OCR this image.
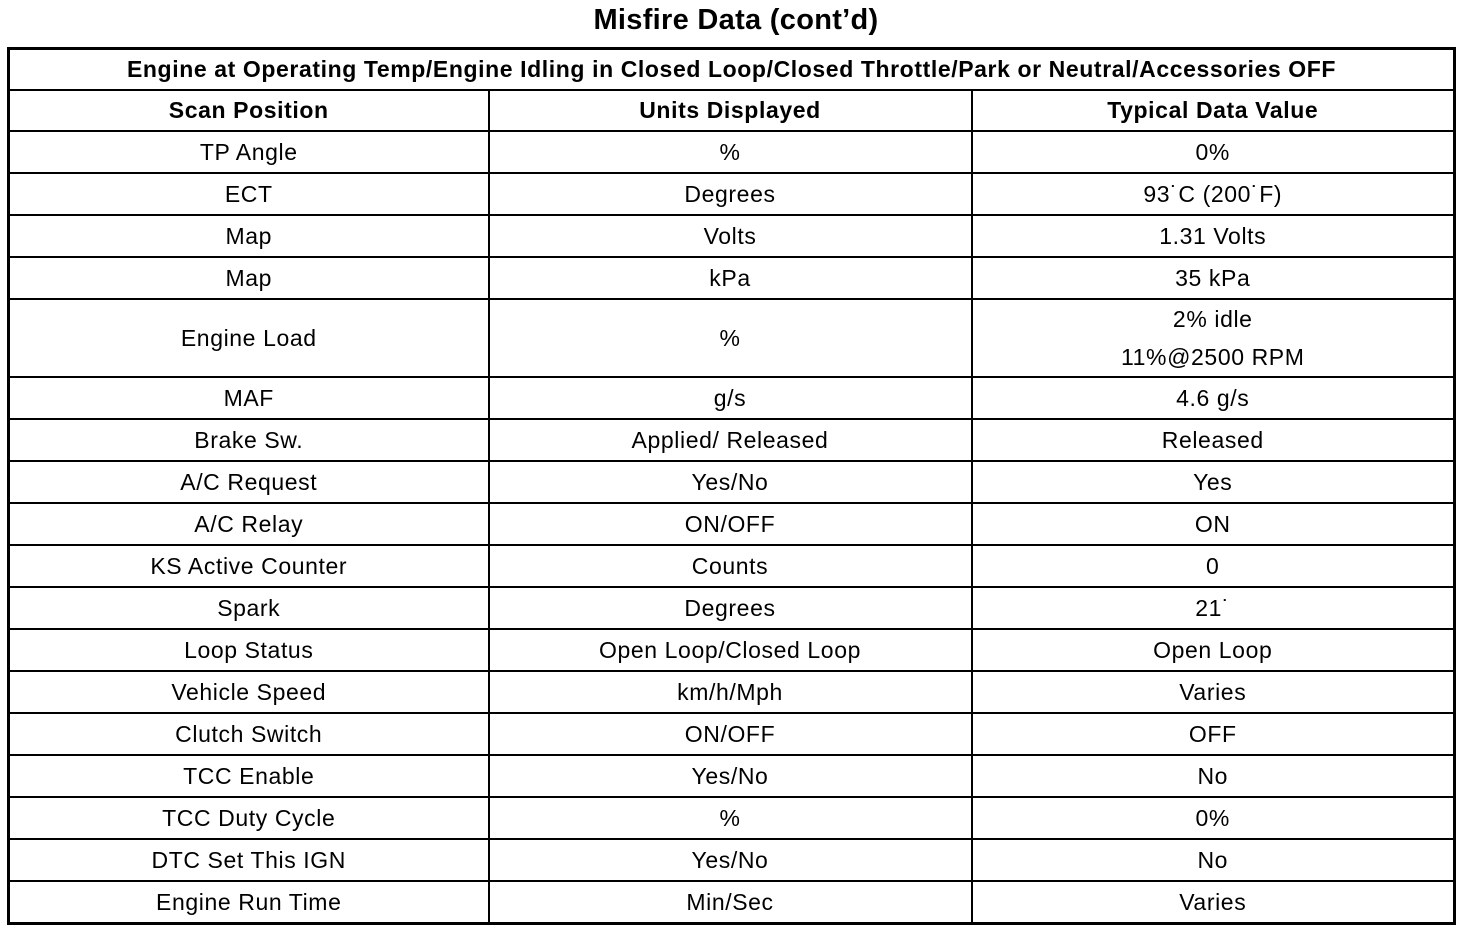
Misfire Data (cont’d)
Engine at Operating Temp/Engine Idling in Closed Loop/Closed Throttle/Park or Neutral/Accessories OFF		
Scan Position	Units Displayed	Typical Data Value
TP Angle	%	0%
ECT	Degrees	93˙C (200˙F)
Map	Volts	1.31 Volts
Map	kPa	35 kPa
Engine Load	%	2% idle
11%@2500 RPM

MAF	g/s	4.6 g/s
Brake Sw.	Applied/ Released	Released
A/C Request	Yes/No	Yes
A/C Relay	ON/OFF	ON
KS Active Counter	Counts	0
Spark	Degrees	21˙
Loop Status	Open Loop/Closed Loop	Open Loop
Vehicle Speed	km/h/Mph	Varies
Clutch Switch	ON/OFF	OFF
TCC Enable	Yes/No	No
TCC Duty Cycle	%	0%
DTC Set This IGN	Yes/No	No
Engine Run Time	Min/Sec	Varies
